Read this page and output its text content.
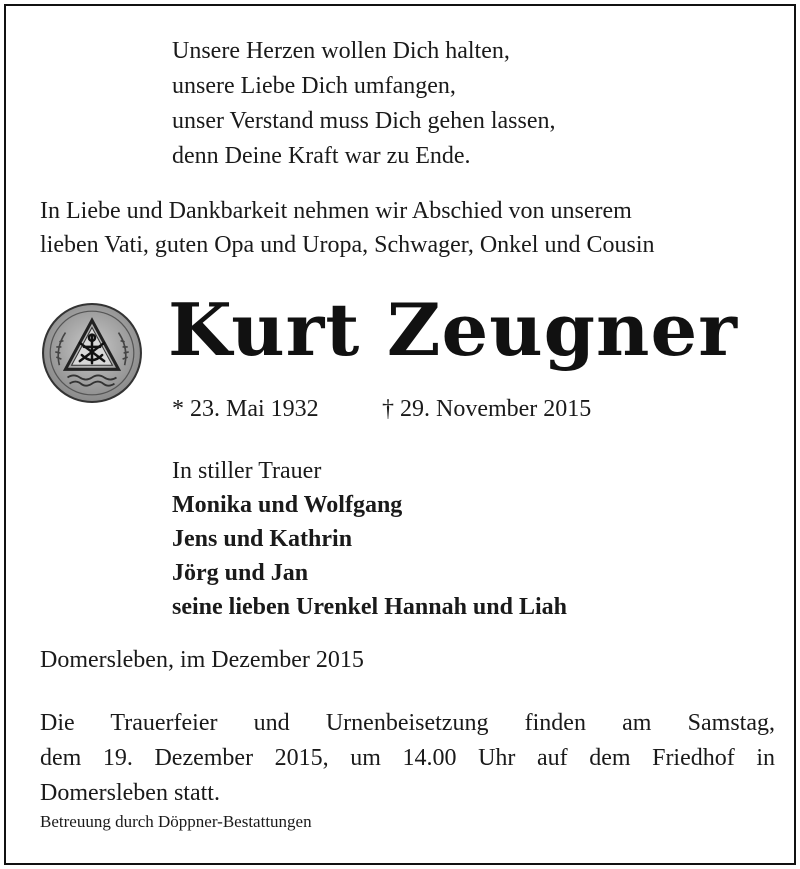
Unsere Herzen wollen Dich halten,
unsere Liebe Dich umfangen,
unser Verstand muss Dich gehen lassen,
denn Deine Kraft war zu Ende.
In Liebe und Dankbarkeit nehmen wir Abschied von unserem
lieben Vati, guten Opa und Uropa, Schwager, Onkel und Cousin
Kurt Zeugner
* 23. Mai 1932	† 29. November 2015
In stiller Trauer
Monika und Wolfgang
Jens und Kathrin
Jörg und Jan
seine lieben Urenkel Hannah und Liah
Domersleben, im Dezember 2015
Die Trauerfeier und Urnenbeisetzung finden am Samstag,
dem 19. Dezember 2015, um 14.00 Uhr auf dem Friedhof in
Domersleben statt.
Betreuung durch Döppner-Bestattungen
